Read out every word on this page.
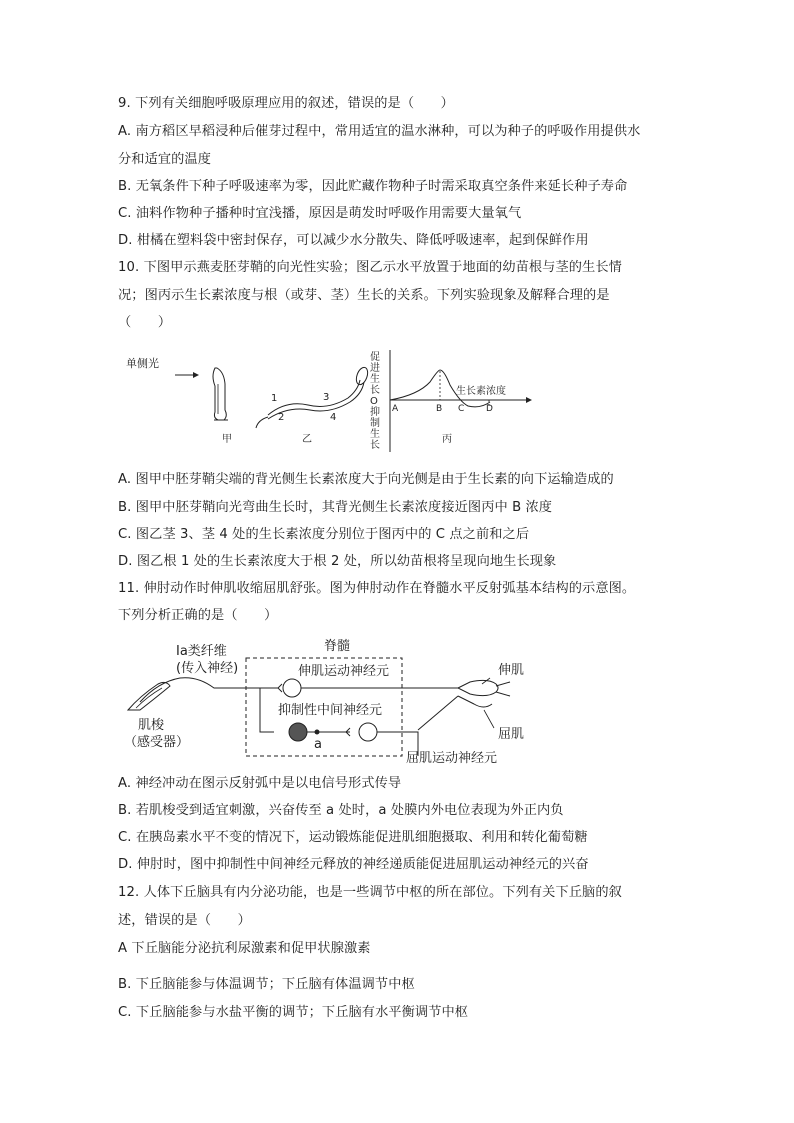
9. 下列有关细胞呼吸原理应用的叙述，错误的是（　　）
A. 南方稻区早稻浸种后催芽过程中，常用适宜的温水淋种，可以为种子的呼吸作用提供水
分和适宜的温度
B. 无氧条件下种子呼吸速率为零，因此贮藏作物种子时需采取真空条件来延长种子寿命
C. 油料作物种子播种时宜浅播，原因是萌发时呼吸作用需要大量氧气
D. 柑橘在塑料袋中密封保存，可以减少水分散失、降低呼吸速率，起到保鲜作用
10. 下图甲示燕麦胚芽鞘的向光性实验；图乙示水平放置于地面的幼苗根与茎的生长情
况；图丙示生长素浓度与根（或芽、茎）生长的关系。下列实验现象及解释合理的是
（　　）
单侧光
甲
1
2
3
4
乙
促
进
生
长
O
抑
制
生
长
生长素浓度
A	B C D
丙
A. 图甲中胚芽鞘尖端的背光侧生长素浓度大于向光侧是由于生长素的向下运输造成的
B. 图甲中胚芽鞘向光弯曲生长时，其背光侧生长素浓度接近图丙中 B 浓度
C. 图乙茎 3、茎 4 处的生长素浓度分别位于图丙中的 C 点之前和之后
D. 图乙根 1 处的生长素浓度大于根 2 处，所以幼苗根将呈现向地生长现象
11. 伸肘动作时伸肌收缩屈肌舒张。图为伸肘动作在脊髓水平反射弧基本结构的示意图。
下列分析正确的是（　　）
Ⅰa类纤维
(传入神经)
脊髓
肌梭
（感受器）
伸肌运动神经元
抑制性中间神经元
a
伸肌
屈肌
屈肌运动神经元
A. 神经冲动在图示反射弧中是以电信号形式传导
B. 若肌梭受到适宜刺激，兴奋传至 a 处时，a 处膜内外电位表现为外正内负
C. 在胰岛素水平不变的情况下，运动锻炼能促进肌细胞摄取、利用和转化葡萄糖
D. 伸肘时，图中抑制性中间神经元释放的神经递质能促进屈肌运动神经元的兴奋
12. 人体下丘脑具有内分泌功能，也是一些调节中枢的所在部位。下列有关下丘脑的叙
述，错误的是（　　）
A 下丘脑能分泌抗利尿激素和促甲状腺激素
B. 下丘脑能参与体温调节；下丘脑有体温调节中枢
C. 下丘脑能参与水盐平衡的调节；下丘脑有水平衡调节中枢
